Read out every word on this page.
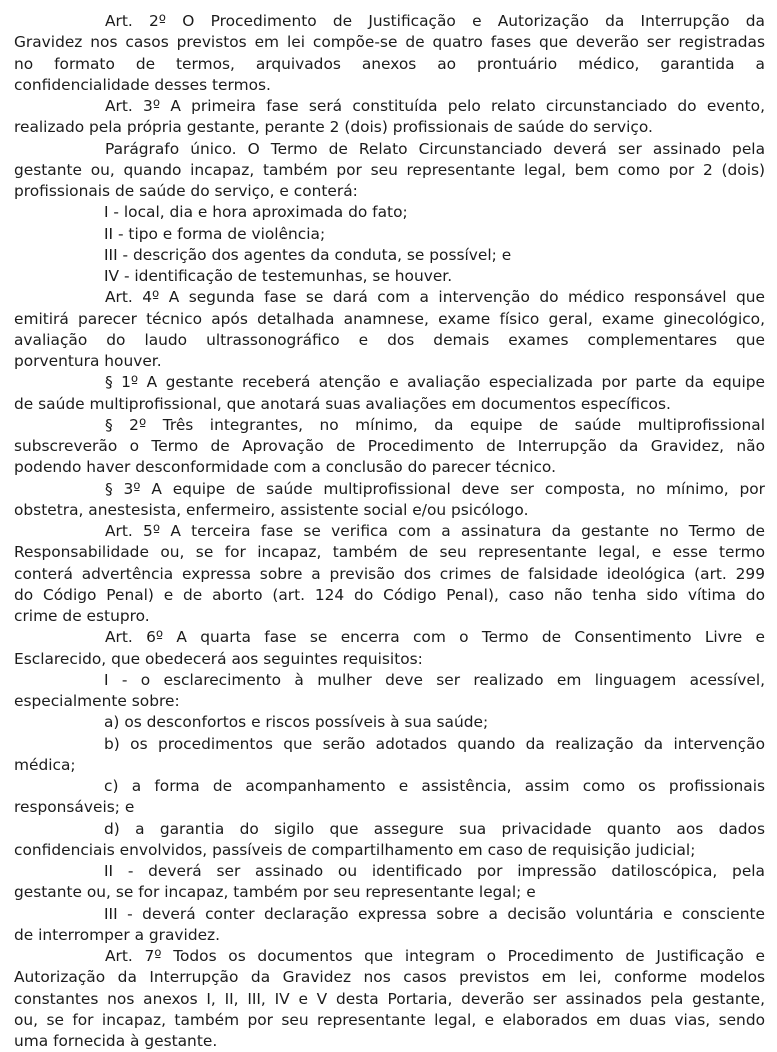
Art. 2º O Procedimento de Justificação e Autorização da Interrupção da
Gravidez nos casos previstos em lei compõe-se de quatro fases que deverão ser registradas
no formato de termos, arquivados anexos ao prontuário médico, garantida a
confidencialidade desses termos.
Art. 3º A primeira fase será constituída pelo relato circunstanciado do evento,
realizado pela própria gestante, perante 2 (dois) profissionais de saúde do serviço.
Parágrafo único. O Termo de Relato Circunstanciado deverá ser assinado pela
gestante ou, quando incapaz, também por seu representante legal, bem como por 2 (dois)
profissionais de saúde do serviço, e conterá:
I - local, dia e hora aproximada do fato;
II - tipo e forma de violência;
III - descrição dos agentes da conduta, se possível; e
IV - identificação de testemunhas, se houver.
Art. 4º A segunda fase se dará com a intervenção do médico responsável que
emitirá parecer técnico após detalhada anamnese, exame físico geral, exame ginecológico,
avaliação do laudo ultrassonográfico e dos demais exames complementares que
porventura houver.
§ 1º A gestante receberá atenção e avaliação especializada por parte da equipe
de saúde multiprofissional, que anotará suas avaliações em documentos específicos.
§ 2º Três integrantes, no mínimo, da equipe de saúde multiprofissional
subscreverão o Termo de Aprovação de Procedimento de Interrupção da Gravidez, não
podendo haver desconformidade com a conclusão do parecer técnico.
§ 3º A equipe de saúde multiprofissional deve ser composta, no mínimo, por
obstetra, anestesista, enfermeiro, assistente social e/ou psicólogo.
Art. 5º A terceira fase se verifica com a assinatura da gestante no Termo de
Responsabilidade ou, se for incapaz, também de seu representante legal, e esse termo
conterá advertência expressa sobre a previsão dos crimes de falsidade ideológica (art. 299
do Código Penal) e de aborto (art. 124 do Código Penal), caso não tenha sido vítima do
crime de estupro.
Art. 6º A quarta fase se encerra com o Termo de Consentimento Livre e
Esclarecido, que obedecerá aos seguintes requisitos:
I - o esclarecimento à mulher deve ser realizado em linguagem acessível,
especialmente sobre:
a) os desconfortos e riscos possíveis à sua saúde;
b) os procedimentos que serão adotados quando da realização da intervenção
médica;
c) a forma de acompanhamento e assistência, assim como os profissionais
responsáveis; e
d) a garantia do sigilo que assegure sua privacidade quanto aos dados
confidenciais envolvidos, passíveis de compartilhamento em caso de requisição judicial;
II - deverá ser assinado ou identificado por impressão datiloscópica, pela
gestante ou, se for incapaz, também por seu representante legal; e
III - deverá conter declaração expressa sobre a decisão voluntária e consciente
de interromper a gravidez.
Art. 7º Todos os documentos que integram o Procedimento de Justificação e
Autorização da Interrupção da Gravidez nos casos previstos em lei, conforme modelos
constantes nos anexos I, II, III, IV e V desta Portaria, deverão ser assinados pela gestante,
ou, se for incapaz, também por seu representante legal, e elaborados em duas vias, sendo
uma fornecida à gestante.
